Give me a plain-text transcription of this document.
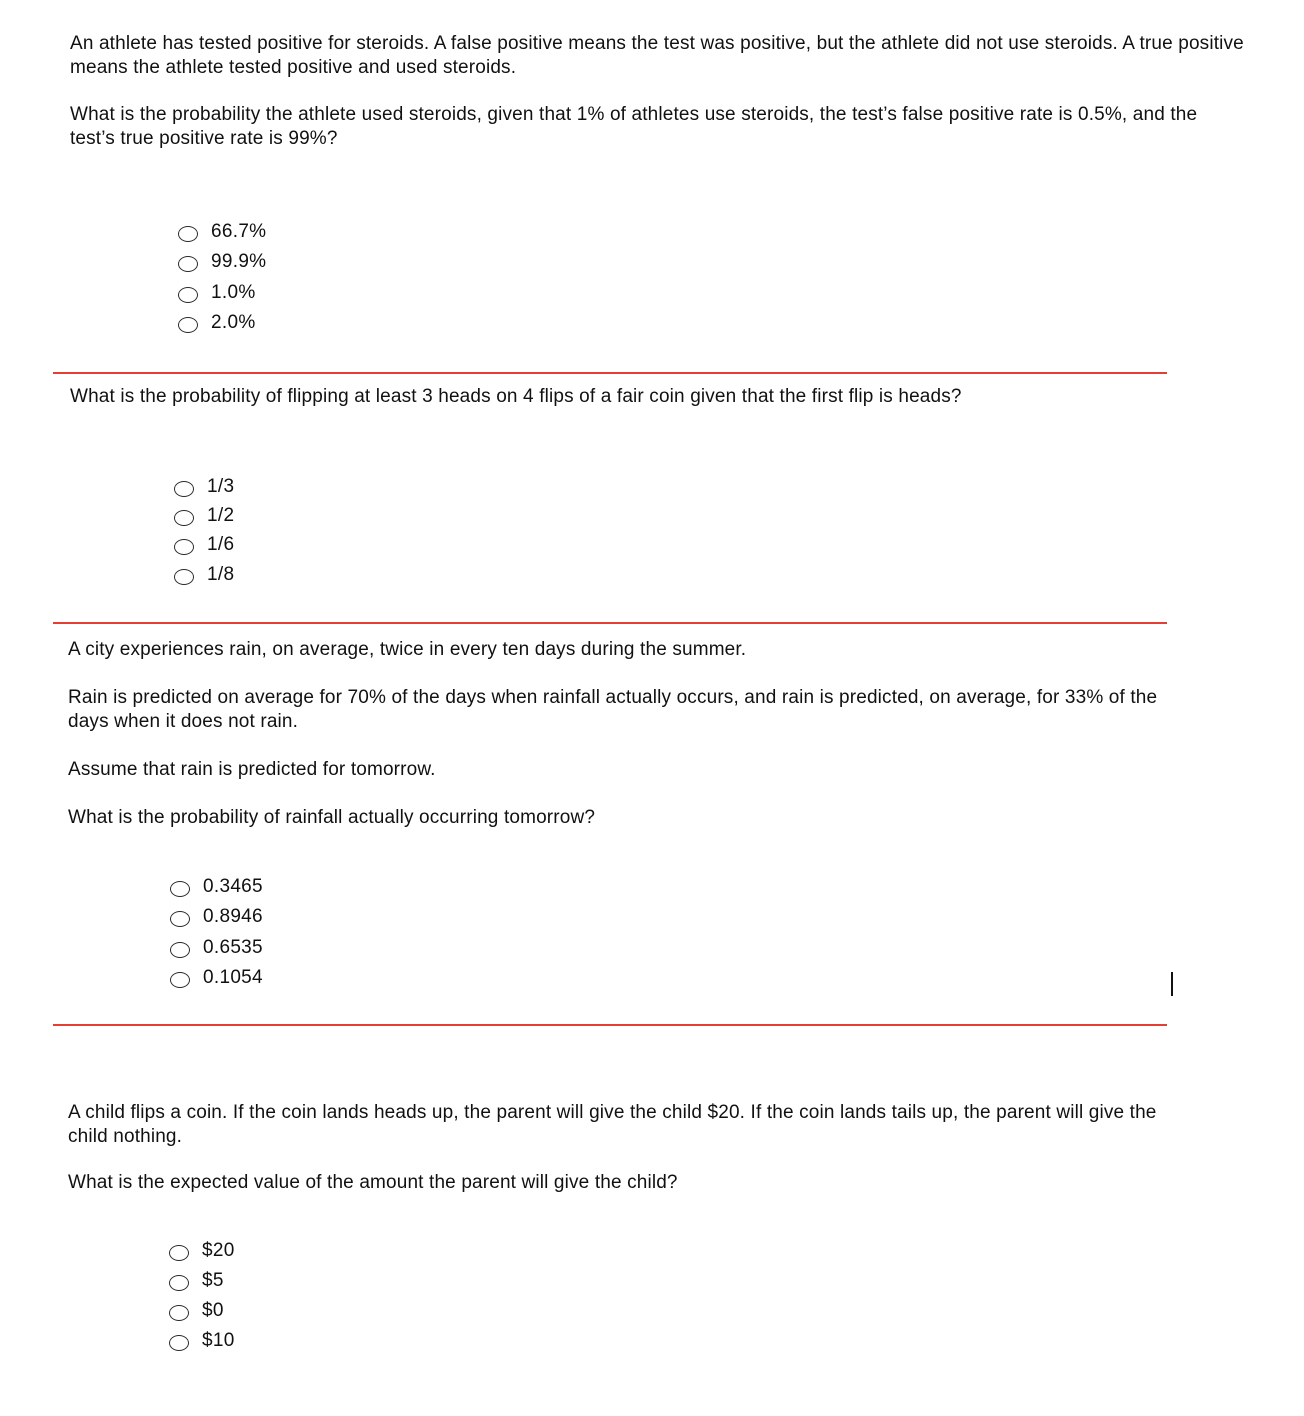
An athlete has tested positive for steroids. A false positive means the test was positive, but the athlete did not use steroids. A true positive means the athlete tested positive and used steroids.

What is the probability the athlete used steroids, given that 1% of athletes use steroids, the test’s false positive rate is 0.5%, and the test’s true positive rate is 99%?

66.7%
99.9%
1.0%
2.0%

What is the probability of flipping at least 3 heads on 4 flips of a fair coin given that the first flip is heads?

1/3
1/2
1/6
1/8

A city experiences rain, on average, twice in every ten days during the summer.

Rain is predicted on average for 70% of the days when rainfall actually occurs, and rain is predicted, on average, for 33% of the days when it does not rain.

Assume that rain is predicted for tomorrow.

What is the probability of rainfall actually occurring tomorrow?

0.3465
0.8946
0.6535
0.1054

A child flips a coin. If the coin lands heads up, the parent will give the child $20. If the coin lands tails up, the parent will give the child nothing.

What is the expected value of the amount the parent will give the child?

$20
$5
$0
$10
